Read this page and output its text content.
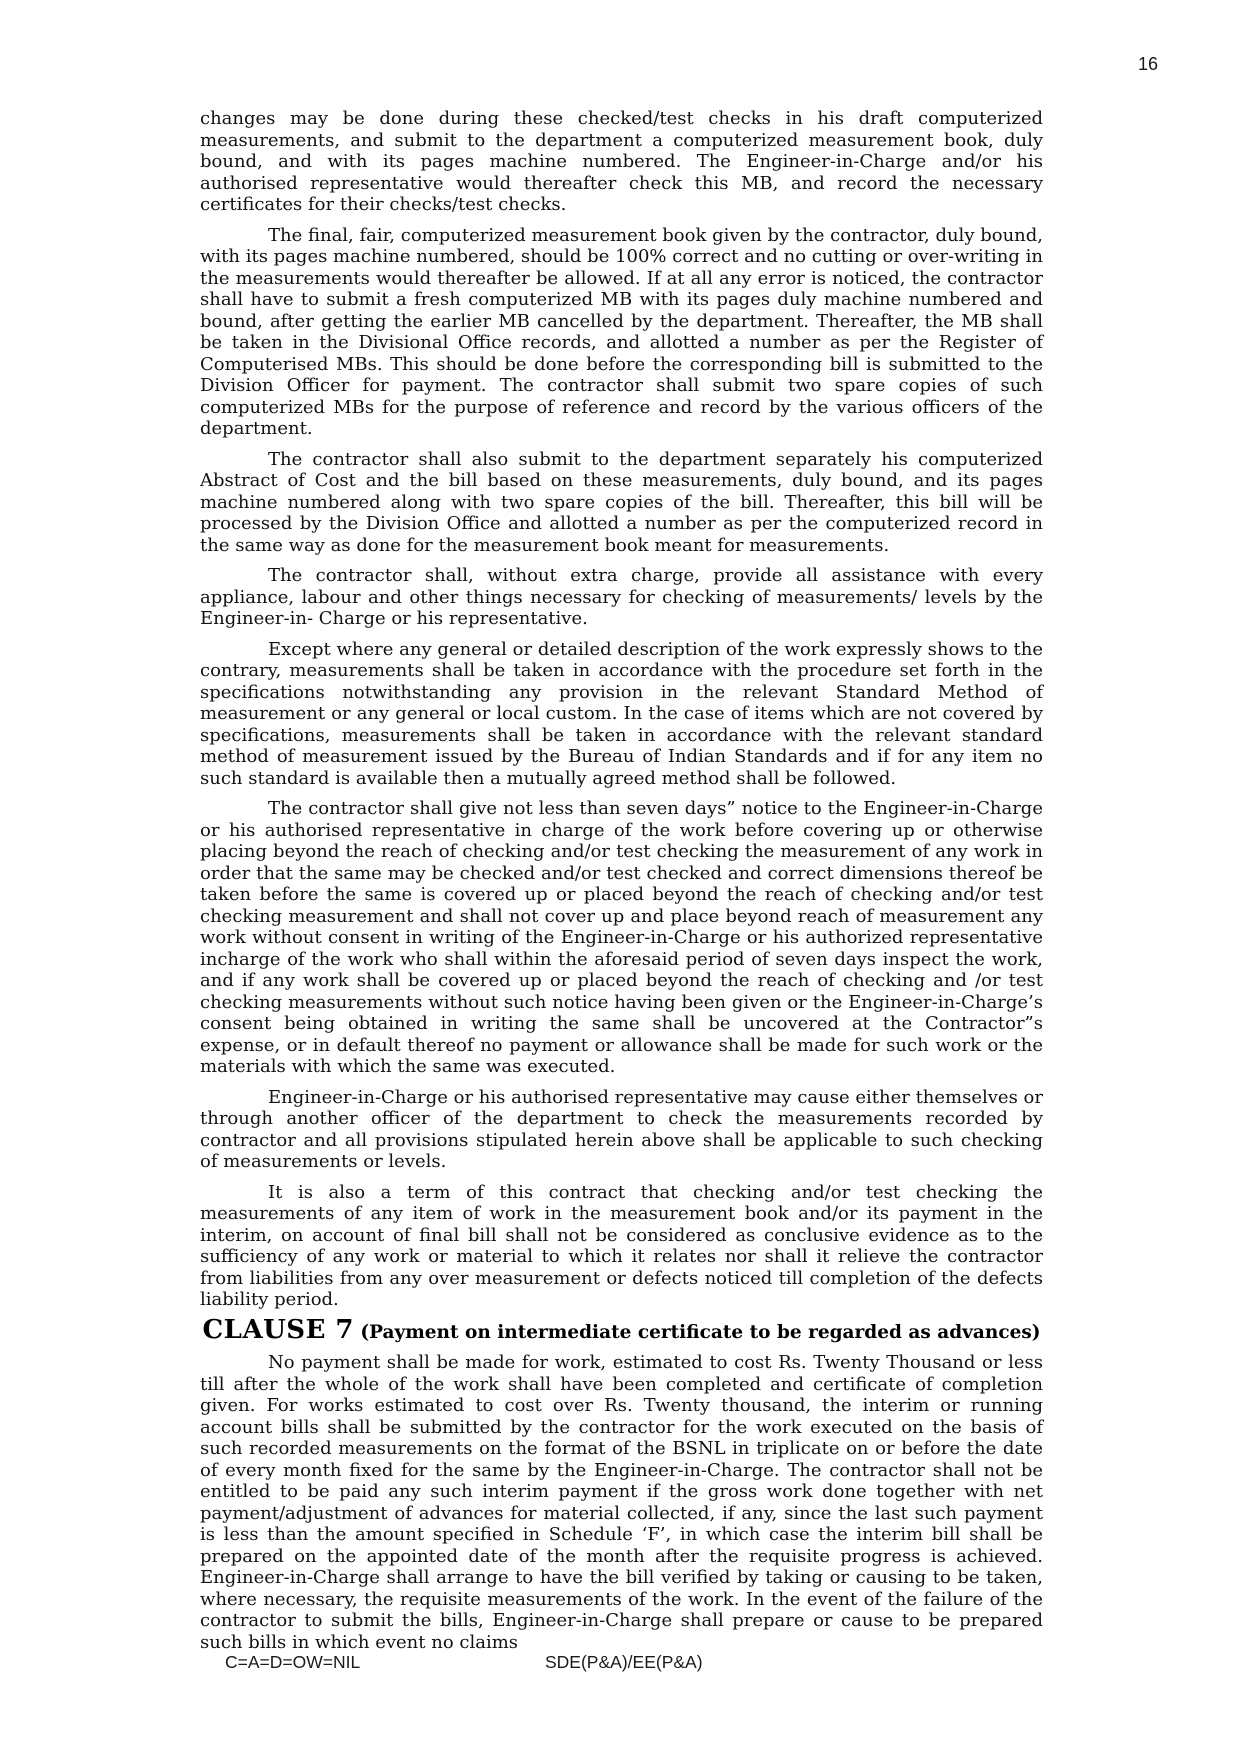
16

changes may be done during these checked/test checks in his draft computerized measurements, and submit to the department a computerized measurement book, duly bound, and with its pages machine numbered. The Engineer-in-Charge and/or his authorised representative would thereafter check this MB, and record the necessary certificates for their checks/test checks.

The final, fair, computerized measurement book given by the contractor, duly bound, with its pages machine numbered, should be 100% correct and no cutting or over-writing in the measurements would thereafter be allowed. If at all any error is noticed, the contractor shall have to submit a fresh computerized MB with its pages duly machine numbered and bound, after getting the earlier MB cancelled by the department. Thereafter, the MB shall be taken in the Divisional Office records, and allotted a number as per the Register of Computerised MBs. This should be done before the corresponding bill is submitted to the Division Officer for payment. The contractor shall submit two spare copies of such computerized MBs for the purpose of reference and record by the various officers of the department.

The contractor shall also submit to the department separately his computerized Abstract of Cost and the bill based on these measurements, duly bound, and its pages machine numbered along with two spare copies of the bill. Thereafter, this bill will be processed by the Division Office and allotted a number as per the computerized record in the same way as done for the measurement book meant for measurements.

The contractor shall, without extra charge, provide all assistance with every appliance, labour and other things necessary for checking of measurements/ levels by the Engineer-in- Charge or his representative.

Except where any general or detailed description of the work expressly shows to the contrary, measurements shall be taken in accordance with the procedure set forth in the specifications notwithstanding any provision in the relevant Standard Method of measurement or any general or local custom. In the case of items which are not covered by specifications, measurements shall be taken in accordance with the relevant standard method of measurement issued by the Bureau of Indian Standards and if for any item no such standard is available then a mutually agreed method shall be followed.

The contractor shall give not less than seven days” notice to the Engineer-in-Charge or his authorised representative in charge of the work before covering up or otherwise placing beyond the reach of checking and/or test checking the measurement of any work in order that the same may be checked and/or test checked and correct dimensions thereof be taken before the same is covered up or placed beyond the reach of checking and/or test checking measurement and shall not cover up and place beyond reach of measurement any work without consent in writing of the Engineer-in-Charge or his authorized representative incharge of the work who shall within the aforesaid period of seven days inspect the work, and if any work shall be covered up or placed beyond the reach of checking and /or test checking measurements without such notice having been given or the Engineer-in-Charge’s consent being obtained in writing the same shall be uncovered at the Contractor”s expense, or in default thereof no payment or allowance shall be made for such work or the materials with which the same was executed.

Engineer-in-Charge or his authorised representative may cause either themselves or through another officer of the department to check the measurements recorded by contractor and all provisions stipulated herein above shall be applicable to such checking of measurements or levels.

It is also a term of this contract that checking and/or test checking the measurements of any item of work in the measurement book and/or its payment in the interim, on account of final bill shall not be considered as conclusive evidence as to the sufficiency of any work or material to which it relates nor shall it relieve the contractor from liabilities from any over measurement or defects noticed till completion of the defects liability period.

CLAUSE 7 (Payment on intermediate certificate to be regarded as advances)

No payment shall be made for work, estimated to cost Rs. Twenty Thousand or less till after the whole of the work shall have been completed and certificate of completion given. For works estimated to cost over Rs. Twenty thousand, the interim or running account bills shall be submitted by the contractor for the work executed on the basis of such recorded measurements on the format of the BSNL in triplicate on or before the date of every month fixed for the same by the Engineer-in-Charge. The contractor shall not be entitled to be paid any such interim payment if the gross work done together with net payment/adjustment of advances for material collected, if any, since the last such payment is less than the amount specified in Schedule ‘F’, in which case the interim bill shall be prepared on the appointed date of the month after the requisite progress is achieved. Engineer-in-Charge shall arrange to have the bill verified by taking or causing to be taken, where necessary, the requisite measurements of the work. In the event of the failure of the contractor to submit the bills, Engineer-in-Charge shall prepare or cause to be prepared such bills in which event no claims

C=A=D=OW=NIL	SDE(P&A)/EE(P&A)
